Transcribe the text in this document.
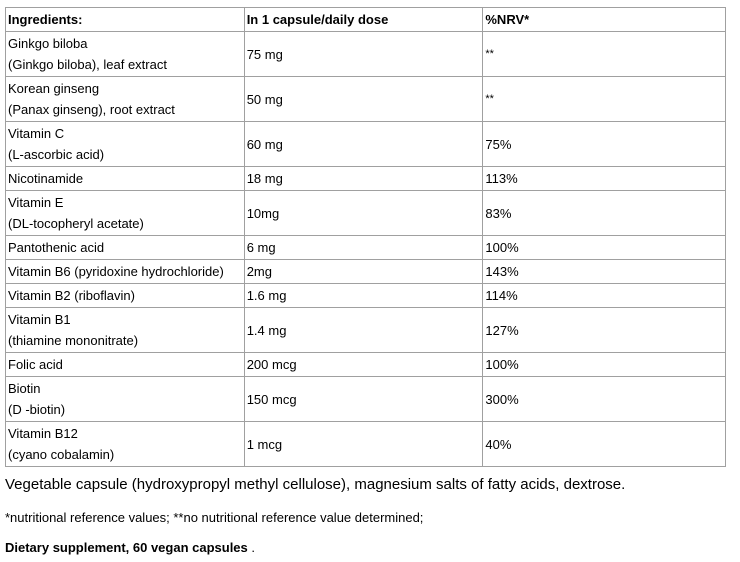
Ingredients:	In 1 capsule/daily dose	%NRV*

Ginkgo biloba
(Ginkgo biloba), leaf extract	75 mg	**

Korean ginseng
(Panax ginseng), root extract	50 mg	**

Vitamin C
(L-ascorbic acid)	60 mg	75%

Nicotinamide	18 mg	113%

Vitamin E
(DL-tocopheryl acetate)	10mg	83%

Pantothenic acid	6 mg	100%

Vitamin B6 (pyridoxine hydrochloride)	2mg	143%

Vitamin B2 (riboflavin)	1.6 mg	114%

Vitamin B1
(thiamine mononitrate)	1.4 mg	127%

Folic acid	200 mcg	100%

Biotin
(D -biotin)	150 mcg	300%

Vitamin B12
(cyano cobalamin)	1 mcg	40%
Vegetable capsule (hydroxypropyl methyl cellulose), magnesium salts of fatty acids, dextrose.
*nutritional reference values; **no nutritional reference value determined;
Dietary supplement, 60 vegan capsules .
